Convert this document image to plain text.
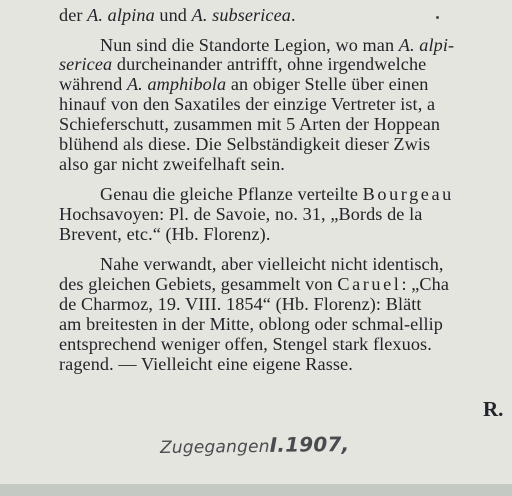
der A. alpina und A. subsericea.
Nun sind die Standorte Legion, wo man A. alpi-
sericea durcheinander antrifft, ohne irgendwelche
während A. amphibola an obiger Stelle über einen
hinauf von den Saxatiles der einzige Vertreter ist, a
Schieferschutt, zusammen mit 5 Arten der Hoppean
blühend als diese. Die Selbständigkeit dieser Zwis
also gar nicht zweifelhaft sein.
Genau die gleiche Pflanze verteilte Bourgeau
Hochsavoyen: Pl. de Savoie, no. 31, „Bords de la
Brevent, etc.“ (Hb. Florenz).
Nahe verwandt, aber vielleicht nicht identisch,
des gleichen Gebiets, gesammelt von Caruel: „Cha
de Charmoz, 19. VIII. 1854“ (Hb. Florenz): Blätt
am breitesten in der Mitte, oblong oder schmal-ellip
entsprechend weniger offen, Stengel stark flexuos.
ragend. — Vielleicht eine eigene Rasse.
R.
ZugegangenI.1907,
